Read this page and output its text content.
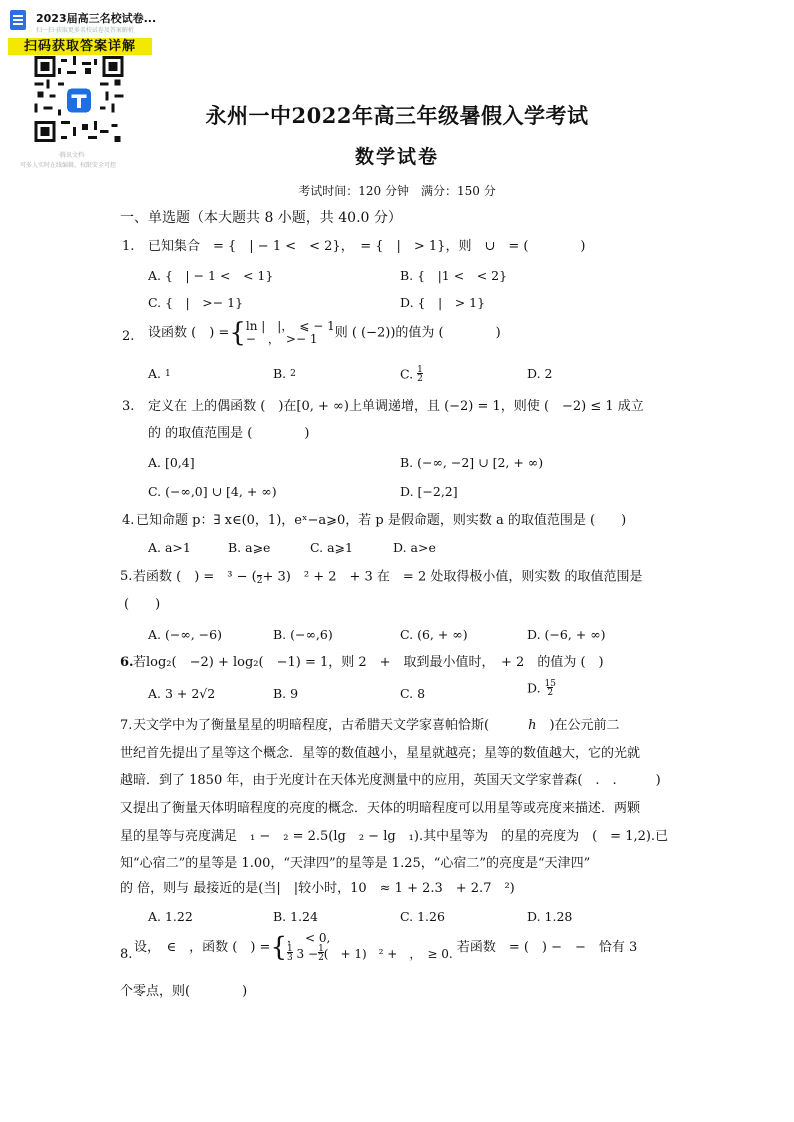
2023届高三名校试卷...
扫一扫·获取更多名校试卷及答案解析
扫码获取答案详解
·腾讯文档·
可多人实时在线编辑，权限安全可控
永州一中2022年高三年级暑假入学考试
数学试卷
考试时间：120 分钟　满分：150 分
一、单选题（本大题共 8 小题，共 40.0 分）
1. 已知集合　= {　| − 1 <　< 2}，　= {　|　> 1}，则　∪　= (　　　　)
A. {　| − 1 <　< 1}	B. {　|1 <　< 2}
C. {　|　>− 1}	D. {　|　> 1}
2. 设函数 (　) ={ln |　|，　⩽ − 1
−　，　>− 1 则 ( (−2))的值为 (　　　　)
A. 1	B. 2	C. $\frac{1}{2}$	D. 2
3. 定义在 上的偶函数 (　)在[0, + ∞)上单调递增，且 (−2) = 1，则使 (　−2) ≤ 1 成立
的 的取值范围是 (　　　　)
A. [0,4]	B. (−∞, −2] ∪ [2, + ∞)
C. (−∞,0] ∪ [4, + ∞)	D. [−2,2]
4. 已知命题 p：∃ x∈(0，1)，eˣ−a⩾0，若 p 是假命题，则实数 a 的取值范围是 (　　)
A. a>1	B. a⩾e	C. a⩾1	D. a>e
5. 若函数 (　) =　³ − (
2+ 3)　² + 2　+ 3 在　= 2 处取得极小值，则实数 的取值范围是
(　　)
A. (−∞, −6)	B. (−∞,6)	C. (6, + ∞)	D. (−6, + ∞)
6. 若log₂(　−2) + log₂(　−1) = 1，则 2　+　取到最小值时，　+ 2　的值为 (　)
A. 3 + 2√2	B. 9	C. 8	D. $\frac{15}{2}$
7. 天文学中为了衡量星星的明暗程度，古希腊天文学家喜帕恰斯(　　　ℎ　)在公元前二
世纪首先提出了星等这个概念．星等的数值越小，星星就越亮；星等的数值越大，它的光就
越暗．到了 1850 年，由于光度计在天体光度测量中的应用，英国天文学家普森(　.　.　　　)
又提出了衡量天体明暗程度的亮度的概念．天体的明暗程度可以用星等或亮度来描述．两颗
星的星等与亮度满足　₁ −　₂ = 2.5(lg　₂ − lg　₁).其中星等为　的星的亮度为　(　= 1,2).已
知“心宿二”的星等是 1.00，“天津四”的星等是 1.25，“心宿二”的亮度是“天津四”
的 倍，则与 最接近的是(当|　|较小时，10　≈ 1 + 2.3　+ 2.7　²)
A. 1.22	B. 1.24	C. 1.26	D. 1.28
8. 设，　∈　，函数 (　) ={，　< 0,
$\frac{1}{3} 3 -\frac{1}{2}$(　+ 1)　² +　，　≥ 0. 若函数　= (　) −　−　恰有 3
个零点，则(　　　　)
